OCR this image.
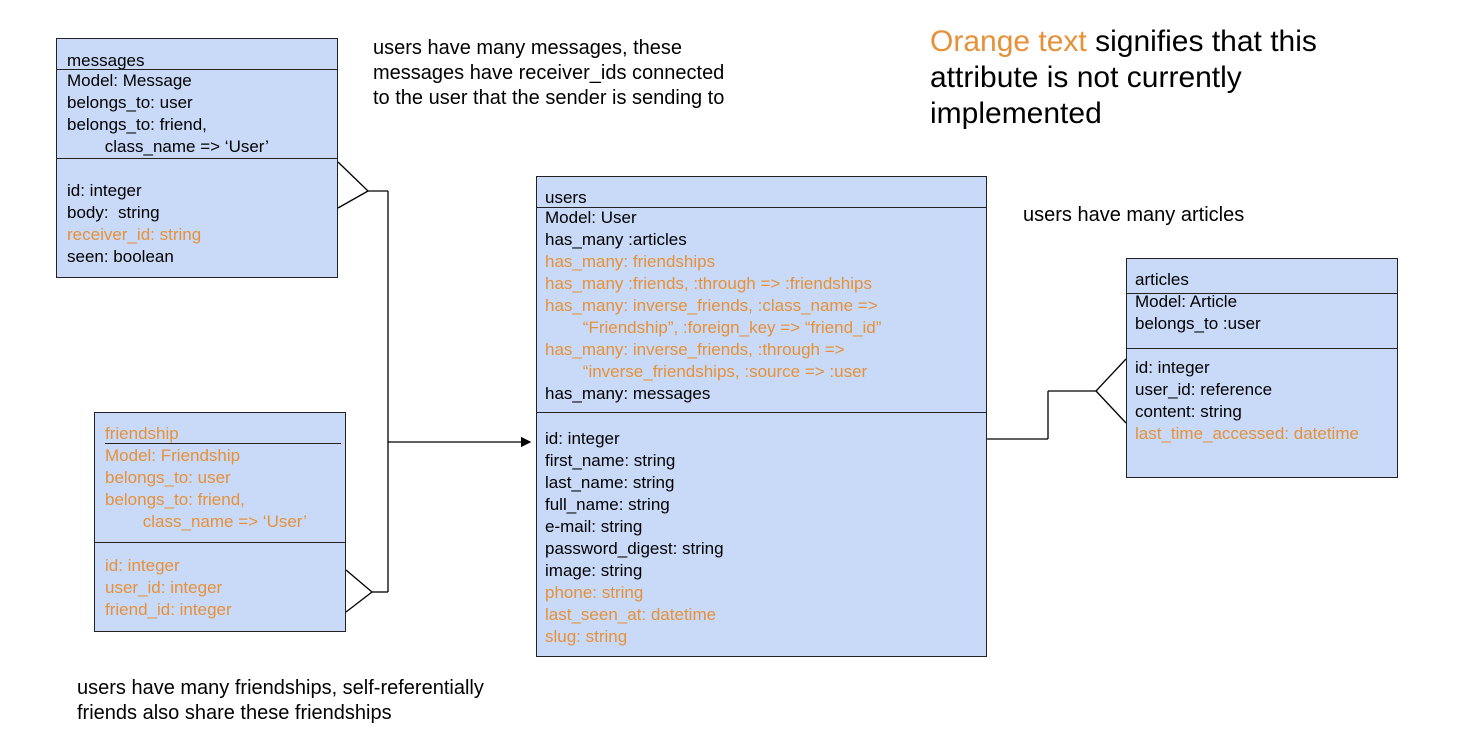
messages
Model: Message
belongs_to: user
belongs_to: friend,
class_name => ‘User’
id: integer
body:  string
receiver_id: string
seen: boolean
friendship
Model: Friendship
belongs_to: user
belongs_to: friend,
class_name => ‘User’
id: integer
user_id: integer
friend_id: integer
users
Model: User
has_many :articles
has_many: friendships
has_many :friends, :through => :friendships
has_many: inverse_friends, :class_name =>
“Friendship”, :foreign_key => “friend_id”
has_many: inverse_friends, :through =>
“inverse_friendships, :source => :user
has_many: messages
id: integer
first_name: string
last_name: string
full_name: string
e-mail: string
password_digest: string
image: string
phone: string
last_seen_at: datetime
slug: string
articles
Model: Article
belongs_to :user
id: integer
user_id: reference
content: string
last_time_accessed: datetime
users have many messages, these
messages have receiver_ids connected
to the user that the sender is sending to
users have many articles
users have many friendships, self-referentially
friends also share these friendships
Orange text signifies that this
attribute is not currently
implemented
